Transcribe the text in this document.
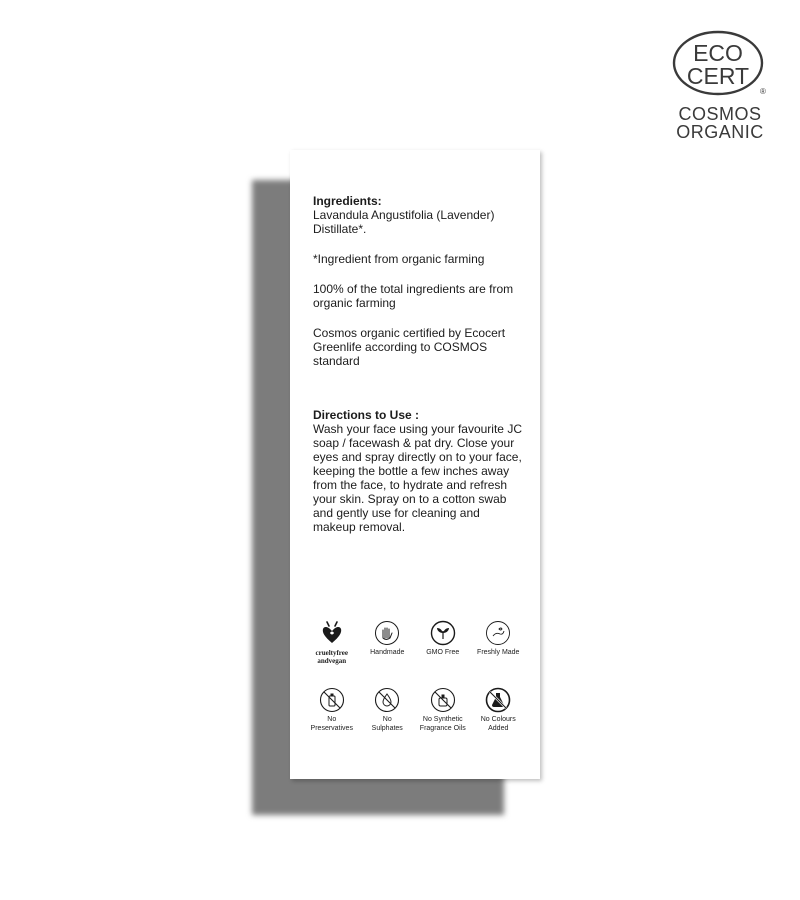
ECO
CERT
®
COSMOS
ORGANIC
Ingredients:
Lavandula Angustifolia (Lavender) Distillate*.
*Ingredient from organic farming
100% of the total ingredients are from organic farming
Cosmos organic certified by Ecocert Greenlife according to COSMOS standard
Directions to Use :
Wash your face using your favourite JC soap / facewash & pat dry. Close your eyes and spray directly on to your face, keeping the bottle a few inches away from the face, to hydrate and refresh your skin. Spray on to a cotton swab and gently use for cleaning and makeup removal.
crueltyfree
andvegan
Handmade	GMO Free	Freshly Made
No
Preservatives
No
Sulphates
No Synthetic
Fragrance Oils
No Colours
Added
